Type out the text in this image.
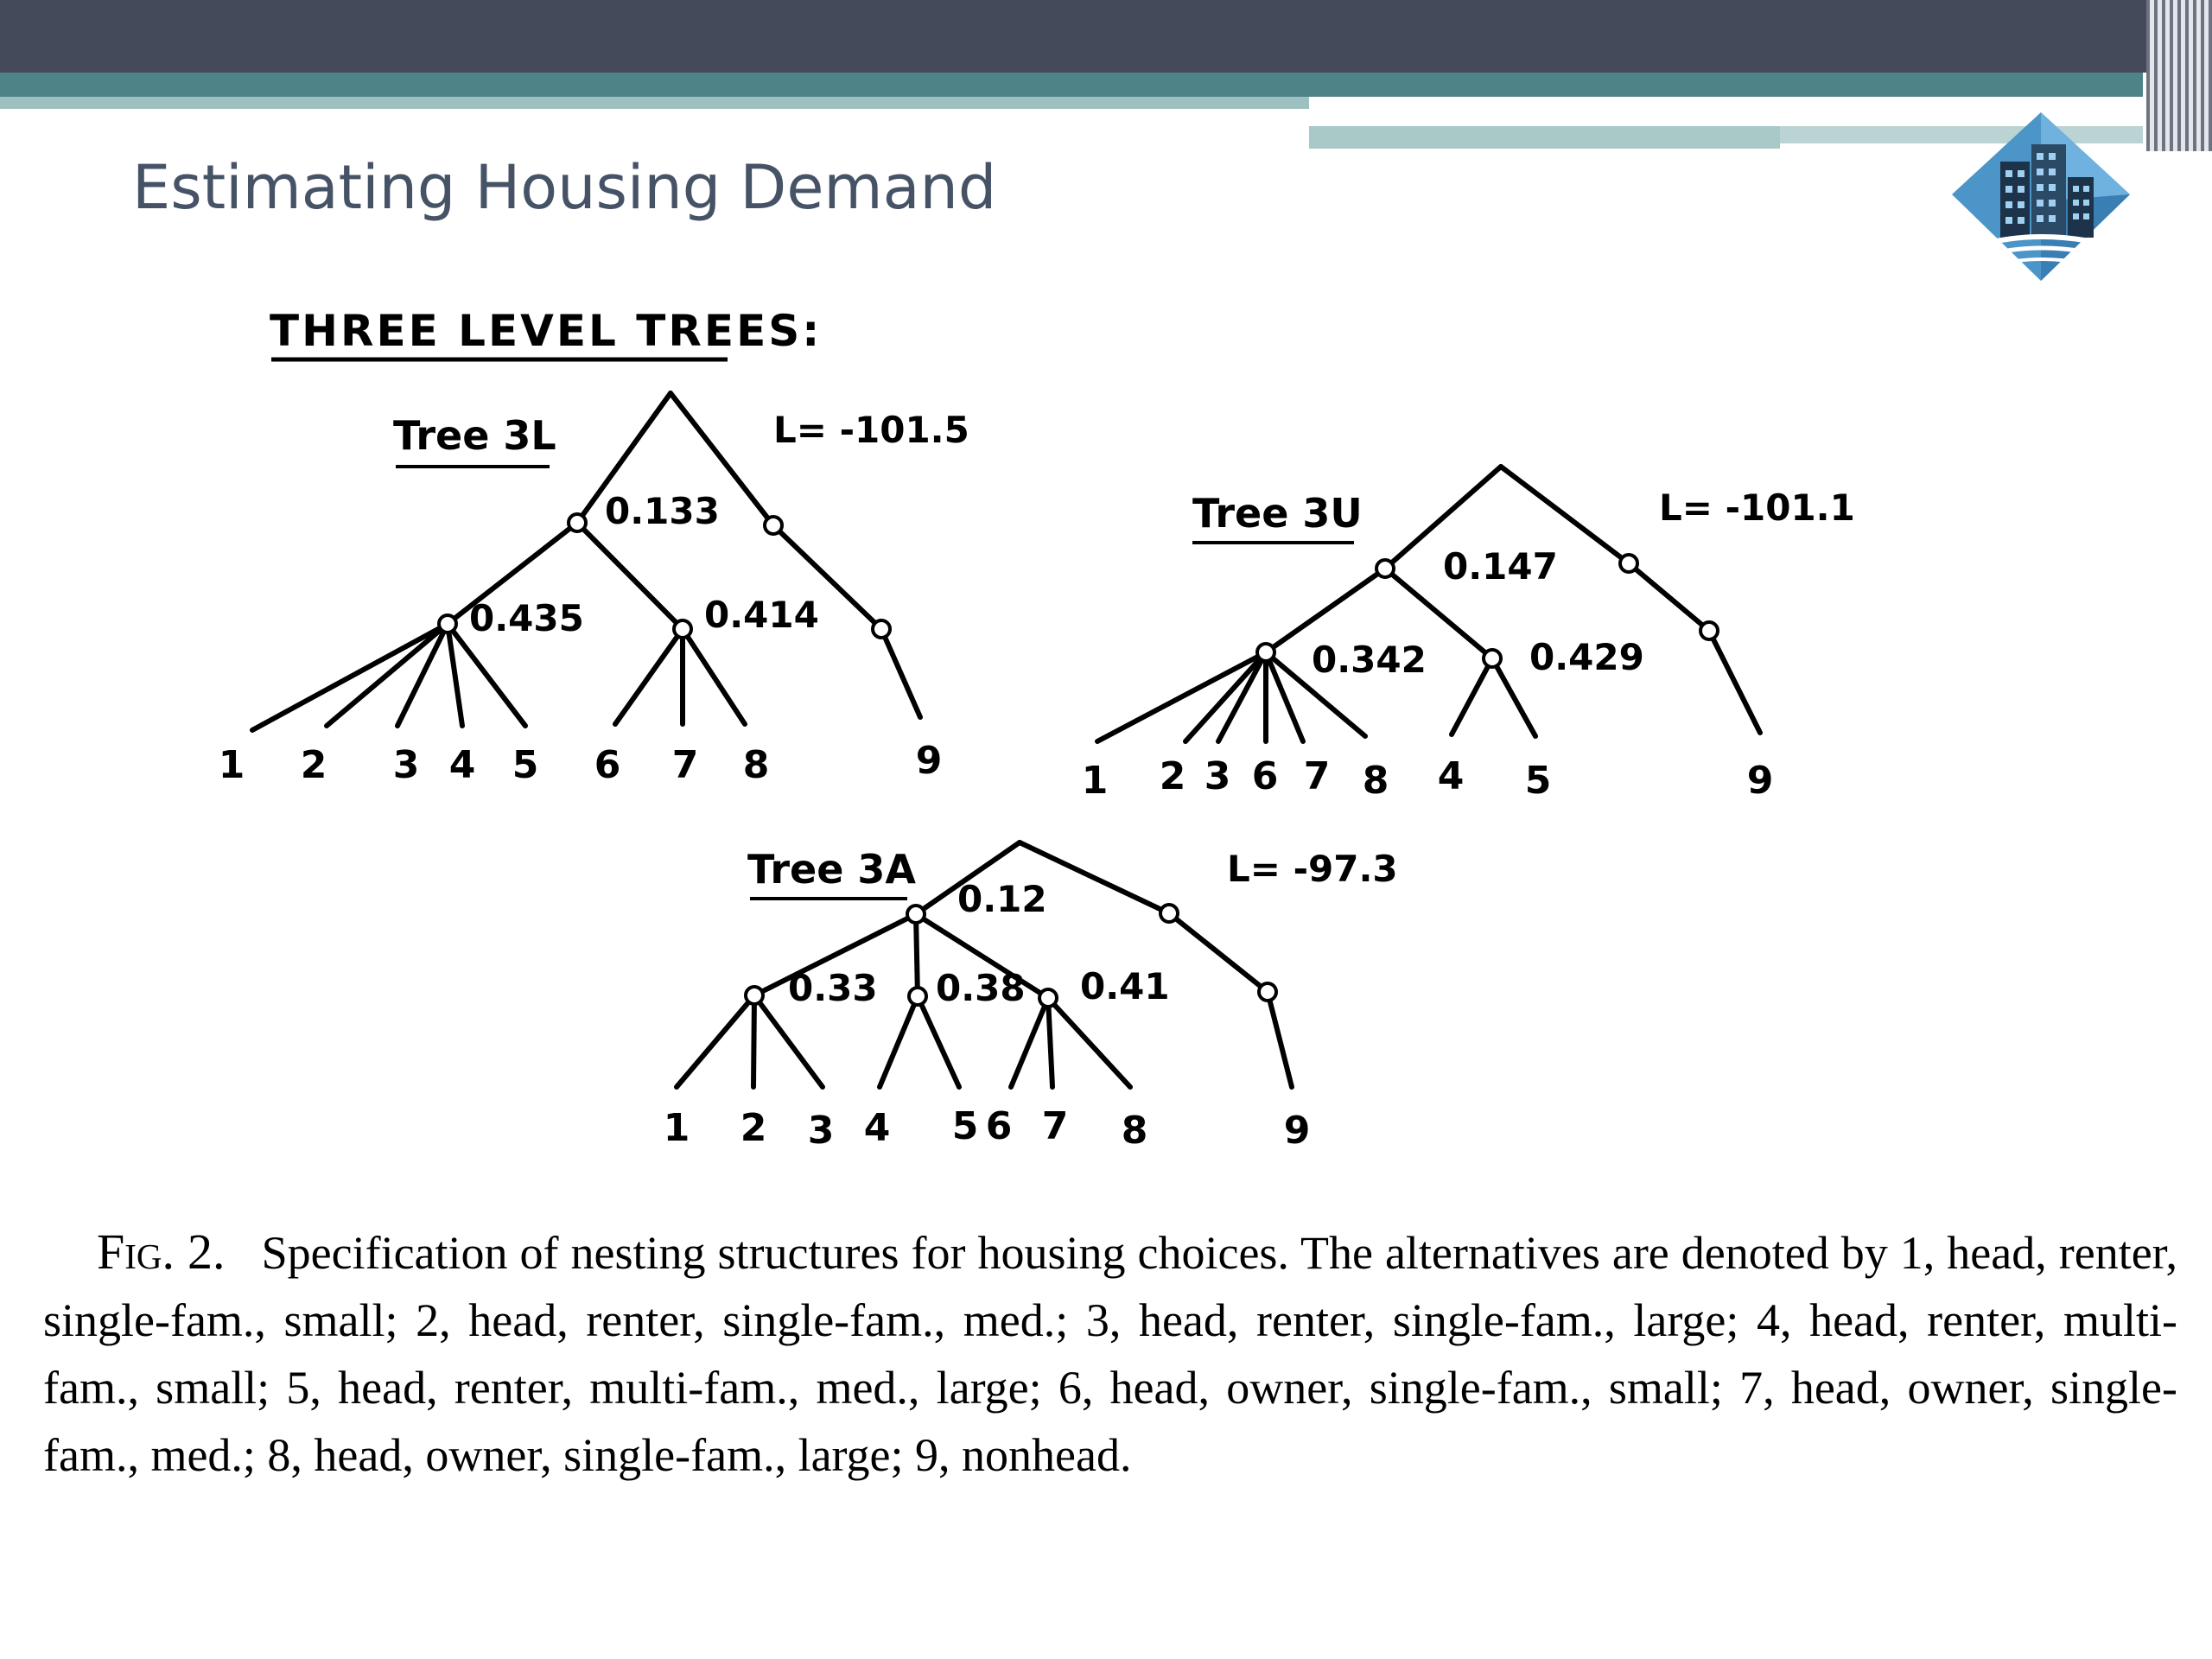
Estimating Housing Demand
THREE LEVEL TREES:
Tree 3L	L= -101.5
0.133
0.435	0.414
1 2 3 4 5 6 7 8	9
Tree 3U	L= -101.1
0.147
0.342	0.429
1 2 3 6 7 8 4 5	9
Tree 3A	L= -97.3
0.12
0.33 0.38 0.41
1 2 3 4 5 6 7 8	9

Fig. 2. Specification of nesting structures for housing choices. The alternatives are denoted by 1, head, renter, single-fam., small; 2, head, renter, single-fam., med.; 3, head, renter, single-fam., large; 4, head, renter, multi-fam., small; 5, head, renter, multi-fam., med., large; 6, head, owner, single-fam., small; 7, head, owner, single-fam., med.; 8, head, owner, single-fam., large; 9, nonhead.
